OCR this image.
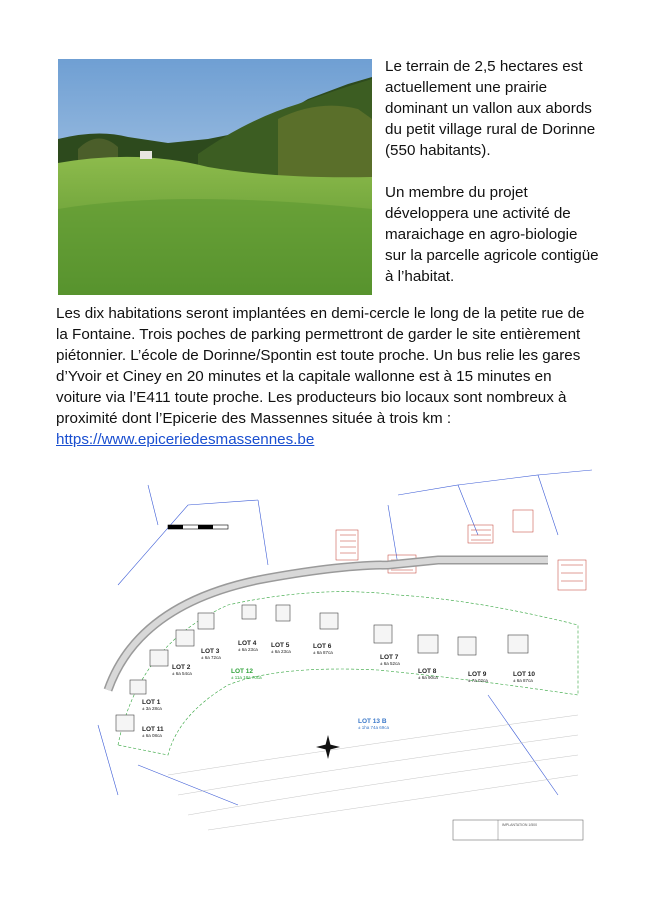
Le terrain de 2,5 hectares est actuellement une prairie dominant un vallon aux abords du petit village rural de Dorinne (550 habitants).

Un membre du projet développera une activité de maraichage en agro-biologie sur la parcelle agricole contigüe à l’habitat.

Les dix habitations seront implantées en demi-cercle le long de la petite rue de la Fontaine. Trois poches de parking permettront de garder le site entièrement piétonnier. L’école de Dorinne/Spontin est toute proche. Un bus relie les gares d’Yvoir et Ciney en 20 minutes et la capitale wallonne est à 15 minutes en voiture via l’E411 toute proche. Les producteurs bio locaux sont nombreux à proximité dont l’Epicerie des Massennes située à trois km :

https://www.epiceriedesmassennes.be

LOT 1
± 3a 28ca
LOT 2
± 6a 54ca
LOT 3
± 6a 72ca
LOT 4
± 6a 23ca
LOT 5
± 6a 23ca
LOT 6
± 6a 87ca
LOT 7
± 6a 52ca
LOT 8
± 6a 90ca	LOT 9
± 7a 02ca
LOT 10
± 6a 87ca
LOT 11
± 6a 08ca
LOT 12
± 11a 18a 70ca
LOT 13 B
± 1ha 74a 69ca
IMPLANTATION 1/500
